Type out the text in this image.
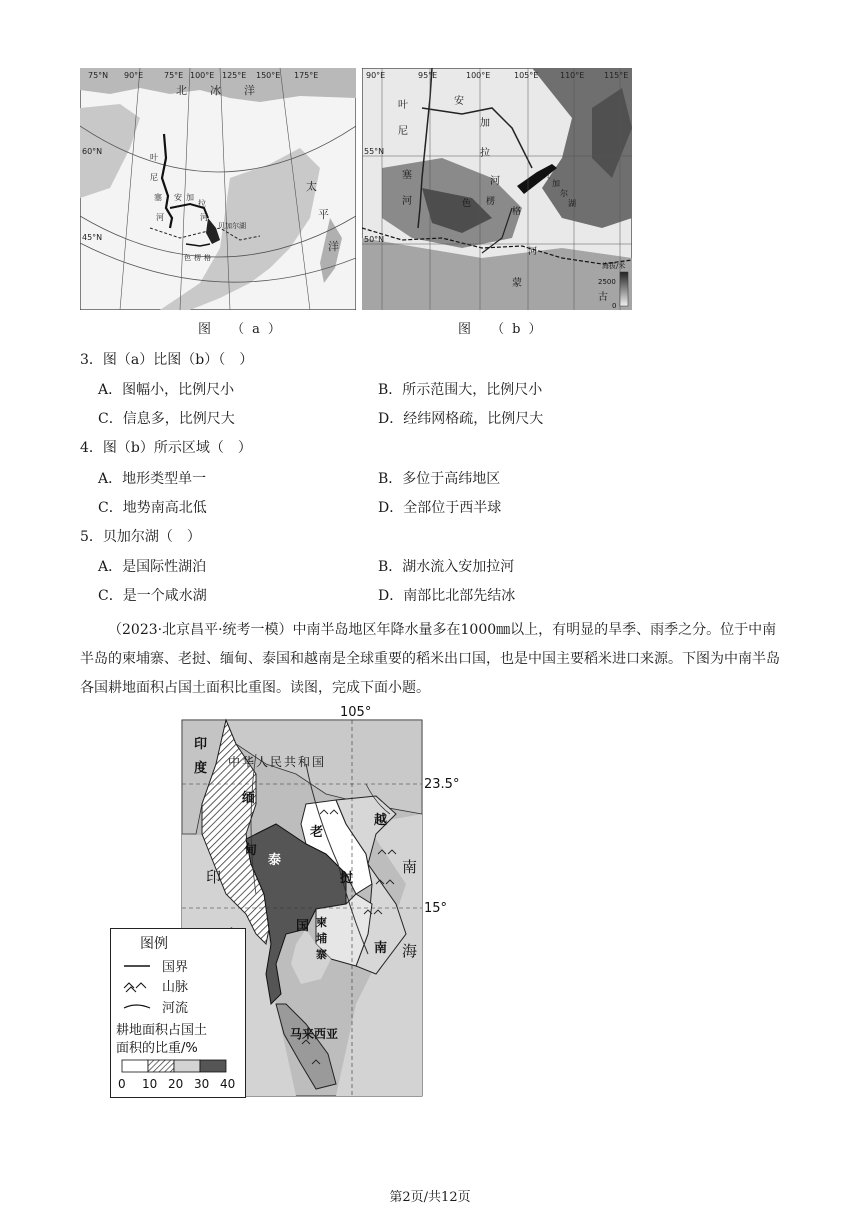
75°N 90°E	75°E 100°E 125°E 150°E 175°E
60°N
45°N
北 冰 洋
太
平
洋
叶
尼
塞
河
安 加
拉
河
贝加尔湖
色 楞 格
图 （a）
90°E	95°E	100°E	105°E	110°E 115°E
55°N
50°N
叶
尼
塞
河
安
加
拉
河
贝
加
尔
湖
色 楞
格
河
蒙
古
海拔/米
2500
0
图 （b）
3．图（a）比图（b）（　）
A．图幅小，比例尺小	B．所示范围大，比例尺小
C．信息多，比例尺大	D．经纬网格疏，比例尺大
4．图（b）所示区域（　）
A．地形类型单一	B．多位于高纬地区
C．地势南高北低	D．全部位于西半球
5．贝加尔湖（　）
A．是国际性湖泊	B．湖水流入安加拉河
C．是一个咸水湖	D．南部比北部先结冰
（2023·北京昌平·统考一模）中南半岛地区年降水量多在1000㎜以上，有明显的旱季、雨季之分。位于中南半岛的柬埔寨、老挝、缅甸、泰国和越南是全球重要的稻米出口国，也是中国主要稻米进口来源。下图为中南半岛各国耕地面积占国土面积比重图。读图，完成下面小题。
印
度
缅
甸
老
挝
越
泰
国 柬
埔
寨	南
马来西亚
中华人民共和国
印
南
海
105°
23.5°
15°
图例
国界
山脉
河流
耕地面积占国土
面积的比重/%
0 10 20 30 40
第2页/共12页
